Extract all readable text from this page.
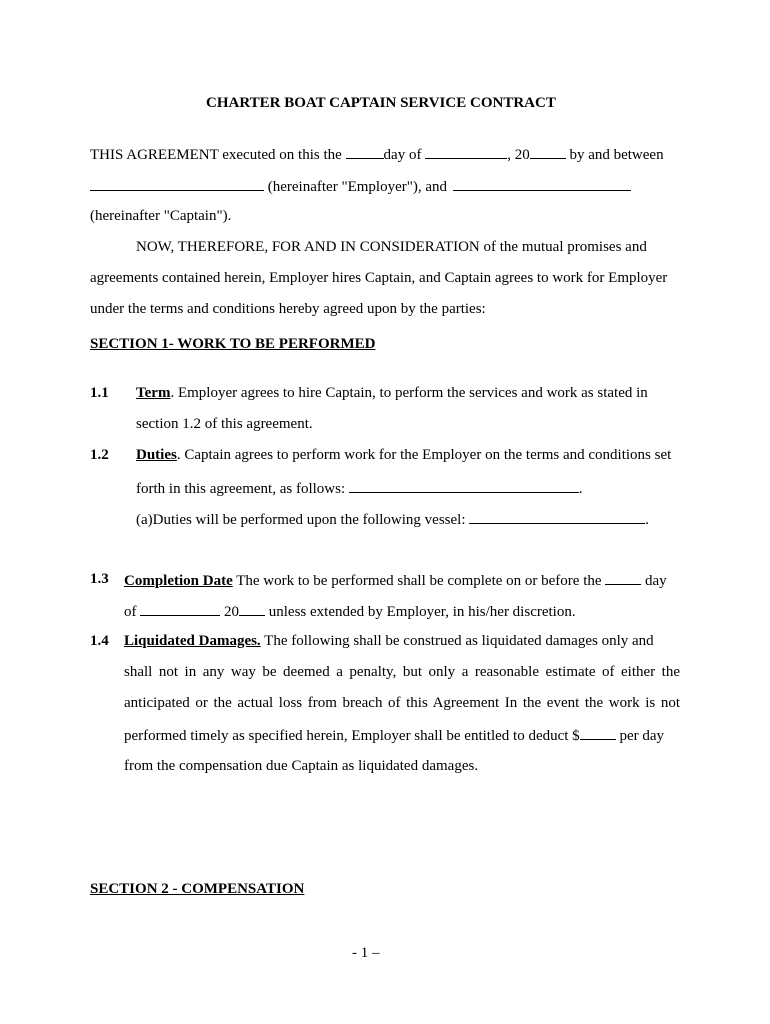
CHARTER BOAT CAPTAIN SERVICE CONTRACT
THIS AGREEMENT executed on this the	day of	, 20	by and between
(hereinafter "Employer"), and
(hereinafter "Captain").
NOW, THEREFORE, FOR AND IN CONSIDERATION of the mutual promises and
agreements contained herein, Employer hires Captain, and Captain agrees to work for Employer
under the terms and conditions hereby agreed upon by the parties:
SECTION 1- WORK TO BE PERFORMED
1.1 Term. Employer agrees to hire Captain, to perform the services and work as stated in
section 1.2 of this agreement.
1.2 Duties. Captain agrees to perform work for the Employer on the terms and conditions set
forth in this agreement, as follows:	.
(a)Duties will be performed upon the following vessel:	.
1.3 Completion Date The work to be performed shall be complete on or before the	day
of	20 unless extended by Employer, in his/her discretion.
1.4 Liquidated Damages. The following shall be construed as liquidated damages only and
shall not in any way be deemed a penalty, but only a reasonable estimate of either the
anticipated or the actual loss from breach of this Agreement In the event the work is not
performed timely as specified herein, Employer shall be entitled to deduct $	per day
from the compensation due Captain as liquidated damages.
SECTION 2 - COMPENSATION
- 1 –
